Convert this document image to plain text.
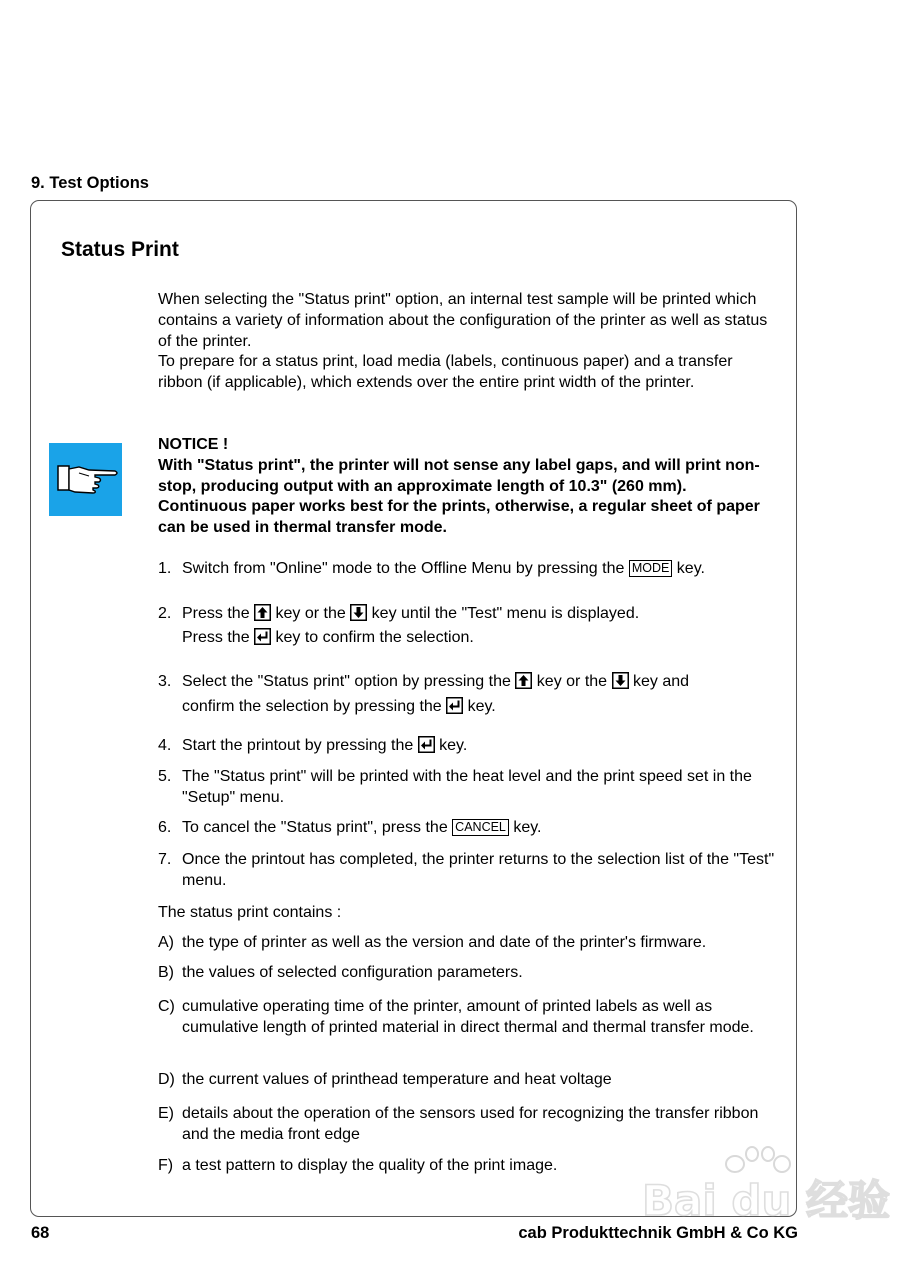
9. Test Options
Status Print

When selecting the "Status print" option, an internal test sample will be printed which contains a variety of information about the configuration of the printer as well as status of the printer.

To prepare for a status print, load media (labels, continuous paper) and a transfer ribbon (if applicable), which extends over the entire print width of the printer.

NOTICE !

With "Status print", the printer will not sense any label gaps, and will print non-stop, producing output with an approximate length of 10.3" (260 mm). Continuous paper works best for the prints, otherwise, a regular sheet of paper can be used in thermal transfer mode.

1. Switch from "Online" mode to the Offline Menu by pressing the MODE key.
2. Press the key or the key until the "Test" menu is displayed.
Press the key to confirm the selection.
3. Select the "Status print" option by pressing the key or the key and
confirm the selection by pressing the key.
4. Start the printout by pressing the key.
5. The "Status print" will be printed with the heat level and the print speed set in the "Setup" menu.
6. To cancel the "Status print", press the CANCEL key.
7. Once the printout has completed, the printer returns to the selection list of the "Test" menu.
The status print contains :
A) the type of printer as well as the version and date of the printer's firmware.
B) the values of selected configuration parameters.
C) cumulative operating time of the printer, amount of printed labels as well as cumulative length of printed material in direct thermal and thermal transfer mode.
D) the current values of printhead temperature and heat voltage
E) details about the operation of the sensors used for recognizing the transfer ribbon and the media front edge
F) a test pattern to display the quality of the print image.
Bai du 经验
68	cab Produkttechnik GmbH & Co KG
